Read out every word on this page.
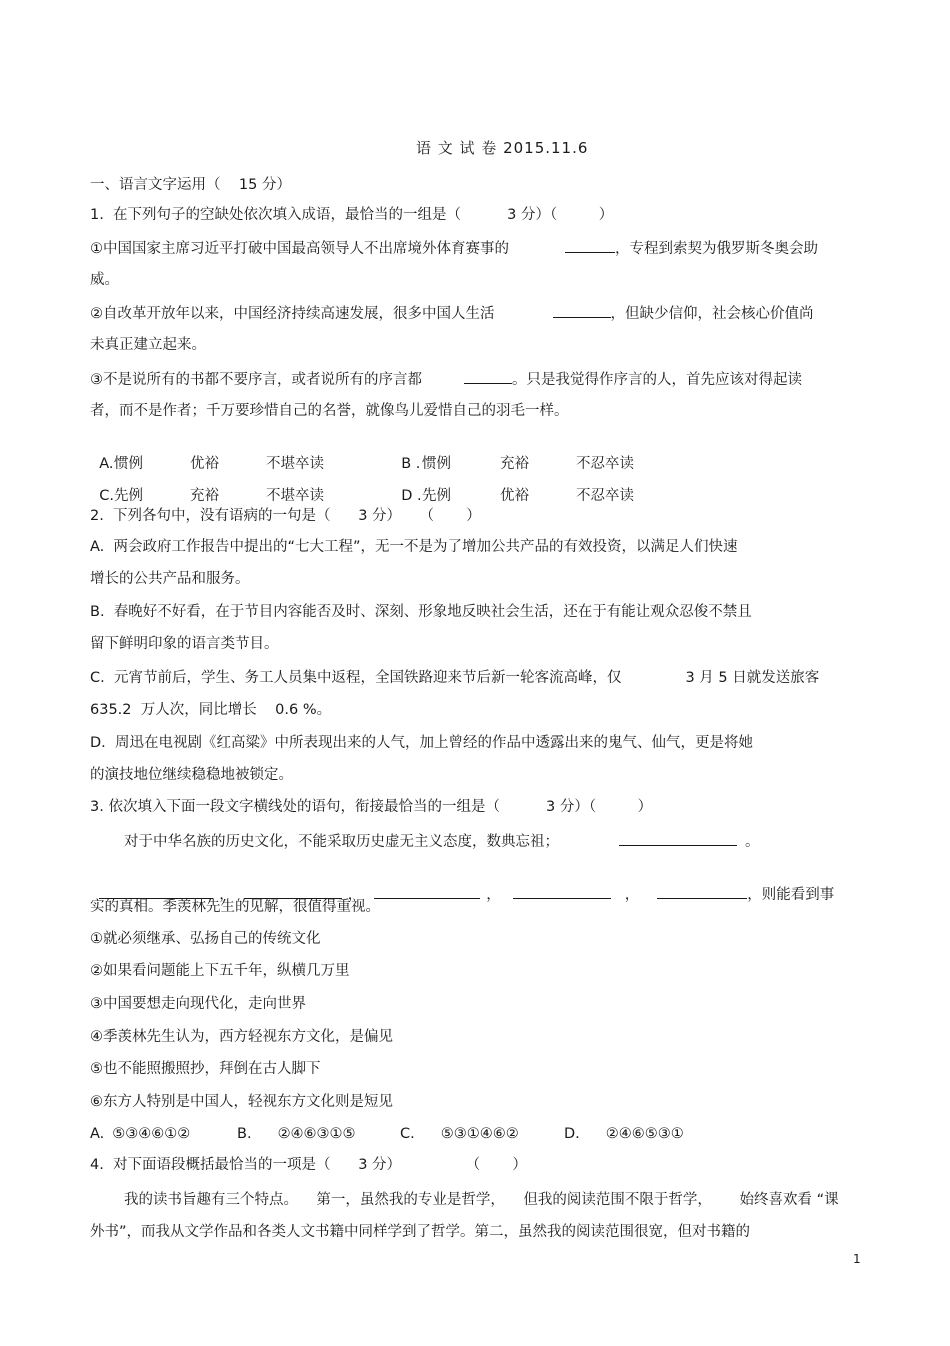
语 文 试 卷 2015.11.6
一、语言文字运用（    15 分）
1.  在下列句子的空缺处依次填入成语，最恰当的一组是（          3 分）（         ）
①中国国家主席习近平打破中国最高领导人不出席境外体育赛事的	，专程到索契为俄罗斯冬奥会助
威。
②自改革开放年以来，中国经济持续高速发展，很多中国人生活	，但缺少信仰，社会核心价值尚
未真正建立起来。
③不是说所有的书都不要序言，或者说所有的序言都	。只是我觉得作序言的人，首先应该对得起读
者，而不是作者；千万要珍惜自己的名誉，就像鸟儿爱惜自己的羽毛一样。

A. 惯例	优裕	不堪卒读	B . 惯例	充裕	不忍卒读

C. 先例	充裕	不堪卒读	D . 先例	优裕	不忍卒读

2.  下列各句中，没有语病的一句是（      3 分）    （       ）
A.  两会政府工作报告中提出的“七大工程”，无一不是为了增加公共产品的有效投资，以满足人们快速
增长的公共产品和服务。
B.  春晚好不好看，在于节目内容能否及时、深刻、形象地反映社会生活，还在于有能让观众忍俊不禁且
留下鲜明印象的语言类节目。
C.  元宵节前后，学生、务工人员集中返程，全国铁路迎来节后新一轮客流高峰，仅	3 月 5 日就发送旅客
635.2  万人次，同比增长    0.6 %。
D.  周迅在电视剧《红高粱》中所表现出来的人气，加上曾经的作品中透露出来的鬼气、仙气，更是将她
的演技地位继续稳稳地被锁定。
3. 依次填入下面一段文字横线处的语句，衔接最恰当的一组是（          3 分）（         ）
对于中华名族的历史文化，不能采取历史虚无主义态度，数典忘祖；	。

，	，	，	，	，则能看到事

实的真相。季羡林先生的见解，很值得重视。
①就必须继承、弘扬自己的传统文化
②如果看问题能上下五千年，纵横几万里
③中国要想走向现代化，走向世界
④季羡林先生认为，西方轻视东方文化，是偏见
⑤也不能照搬照抄，拜倒在古人脚下
⑥东方人特别是中国人，轻视东方文化则是短见
A. ⑤③④⑥①②	B. ②④⑥③①⑤	C. ⑤③①④⑥②	D. ②④⑥⑤③①
4.  对下面语段概括最恰当的一项是（      3 分）              （       ）
我的读书旨趣有三个特点。    第一，虽然我的专业是哲学，    但我的阅读范围不限于哲学，      始终喜欢看 “课
外书”，而我从文学作品和各类人文书籍中同样学到了哲学。第二，虽然我的阅读范围很宽，但对书籍的
1
